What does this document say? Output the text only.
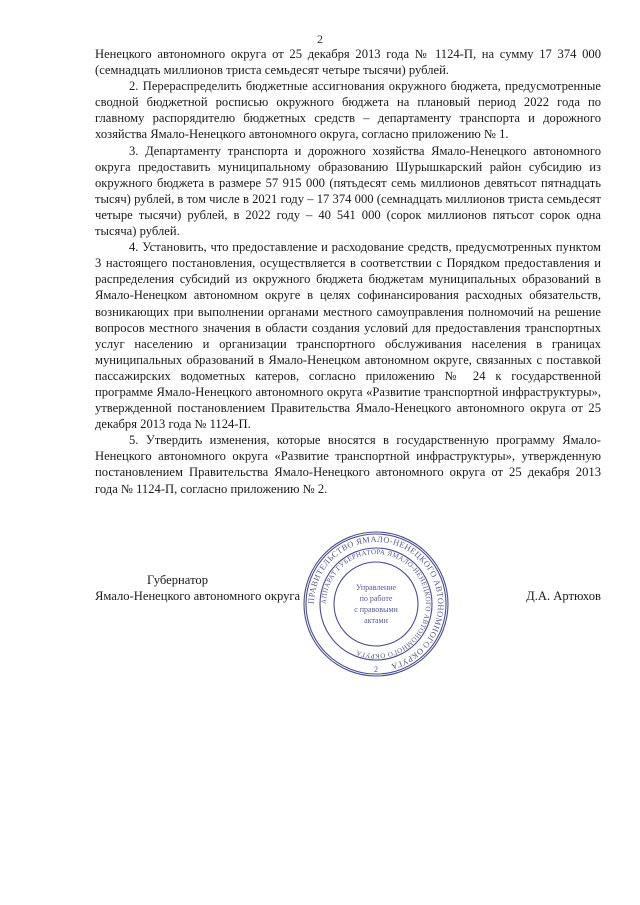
2

Ненецкого автономного округа от 25 декабря 2013 года № 1124-П, на сумму 17 374 000 (семнадцать миллионов триста семьдесят четыре тысячи) рублей.

2. Перераспределить бюджетные ассигнования окружного бюджета, предусмотренные сводной бюджетной росписью окружного бюджета на плановый период 2022 года по главному распорядителю бюджетных средств – департаменту транспорта и дорожного хозяйства Ямало-Ненецкого автономного округа, согласно приложению № 1.

3. Департаменту транспорта и дорожного хозяйства Ямало-Ненецкого автономного округа предоставить муниципальному образованию Шурышкарский район субсидию из окружного бюджета в размере 57 915 000 (пятьдесят семь миллионов девятьсот пятнадцать тысяч) рублей, в том числе в 2021 году – 17 374 000 (семнадцать миллионов триста семьдесят четыре тысячи) рублей, в 2022 году – 40 541 000 (сорок миллионов пятьсот сорок одна тысяча) рублей.

4. Установить, что предоставление и расходование средств, предусмотренных пунктом 3 настоящего постановления, осуществляется в соответствии с Порядком предоставления и распределения субсидий из окружного бюджета бюджетам муниципальных образований в Ямало-Ненецком автономном округе в целях софинансирования расходных обязательств, возникающих при выполнении органами местного самоуправления полномочий на решение вопросов местного значения в области создания условий для предоставления транспортных услуг населению и организации транспортного обслуживания населения в границах муниципальных образований в Ямало-Ненецком автономном округе, связанных с поставкой пассажирских водометных катеров, согласно приложению № 24 к государственной программе Ямало-Ненецкого автономного округа «Развитие транспортной инфраструктуры», утвержденной постановлением Правительства Ямало-Ненецкого автономного округа от 25 декабря 2013 года № 1124-П.

5. Утвердить изменения, которые вносятся в государственную программу Ямало-Ненецкого автономного округа «Развитие транспортной инфраструктуры», утвержденную постановлением Правительства Ямало-Ненецкого автономного округа от 25 декабря 2013 года № 1124-П, согласно приложению № 2.

ПРАВИТЕЛЬСТВО ЯМАЛО-НЕНЕЦКОГО АВТОНОМНОГО ОКРУГА
АППАРАТ ГУБЕРНАТОРА ЯМАЛО-НЕНЕЦКОГО АВТОНОМНОГО ОКРУГА
Управление
по работе
с правовыми
актами
2
Губернатор
Ямало-Ненецкого автономного округа	Д.А. Артюхов
